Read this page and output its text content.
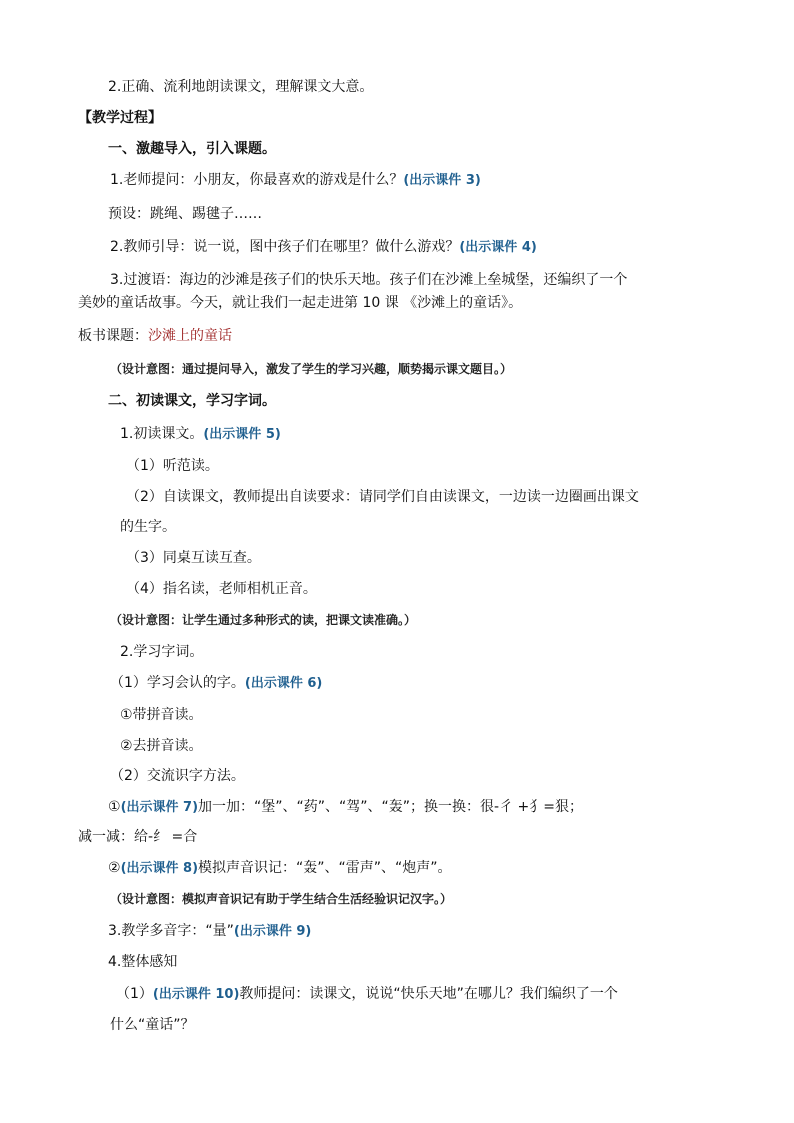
2.正确、流利地朗读课文，理解课文大意。
【教学过程】
一、激趣导入，引入课题。
1.老师提问：小朋友，你最喜欢的游戏是什么？(出示课件 3)
预设：跳绳、踢毽子……
2.教师引导：说一说，图中孩子们在哪里？做什么游戏？(出示课件 4)
3.过渡语：海边的沙滩是孩子们的快乐天地。孩子们在沙滩上垒城堡，还编织了一个
美妙的童话故事。今天，就让我们一起走进第 10 课 《沙滩上的童话》。
板书课题：沙滩上的童话
（设计意图：通过提问导入，激发了学生的学习兴趣，顺势揭示课文题目。）
二、初读课文，学习字词。
1.初读课文。(出示课件 5)
（1）听范读。
（2）自读课文，教师提出自读要求：请同学们自由读课文，一边读一边圈画出课文
的生字。
（3）同桌互读互查。
（4）指名读，老师相机正音。
（设计意图：让学生通过多种形式的读，把课文读准确。）
2.学习字词。
（1）学习会认的字。(出示课件 6)
①带拼音读。
②去拼音读。
（2）交流识字方法。
①(出示课件 7)加一加：“堡”、“药”、“驾”、“轰”；换一换：很-彳 +犭=狠；
减一减：给-纟 =合
②(出示课件 8)模拟声音识记：“轰”、“雷声”、“炮声”。
（设计意图：模拟声音识记有助于学生结合生活经验识记汉字。）
3.教学多音字：“量”(出示课件 9)
4.整体感知
（1）(出示课件 10)教师提问：读课文，说说“快乐天地”在哪儿？我们编织了一个
什么“童话”？
